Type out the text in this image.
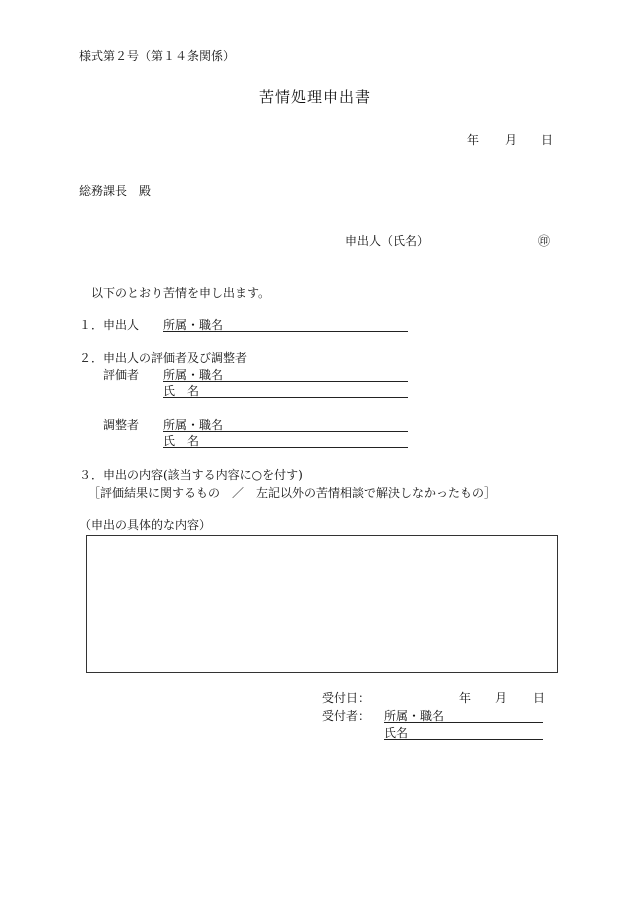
様式第２号（第１４条関係）
苦情処理申出書
年 月 日
総務課長　殿
申出人（氏名）	㊞
以下のとおり苦情を申し出ます。
１．申出人 所属・職名
２．申出人の評価者及び調整者
評価者 所属・職名
氏　名
調整者 所属・職名
氏　名
３．申出の内容(該当する内容に○を付す)
［評価結果に関するもの　／　左記以外の苦情相談で解決しなかったもの］
（申出の具体的な内容）
受付日：	年 月 日
受付者： 所属・職名
氏名
